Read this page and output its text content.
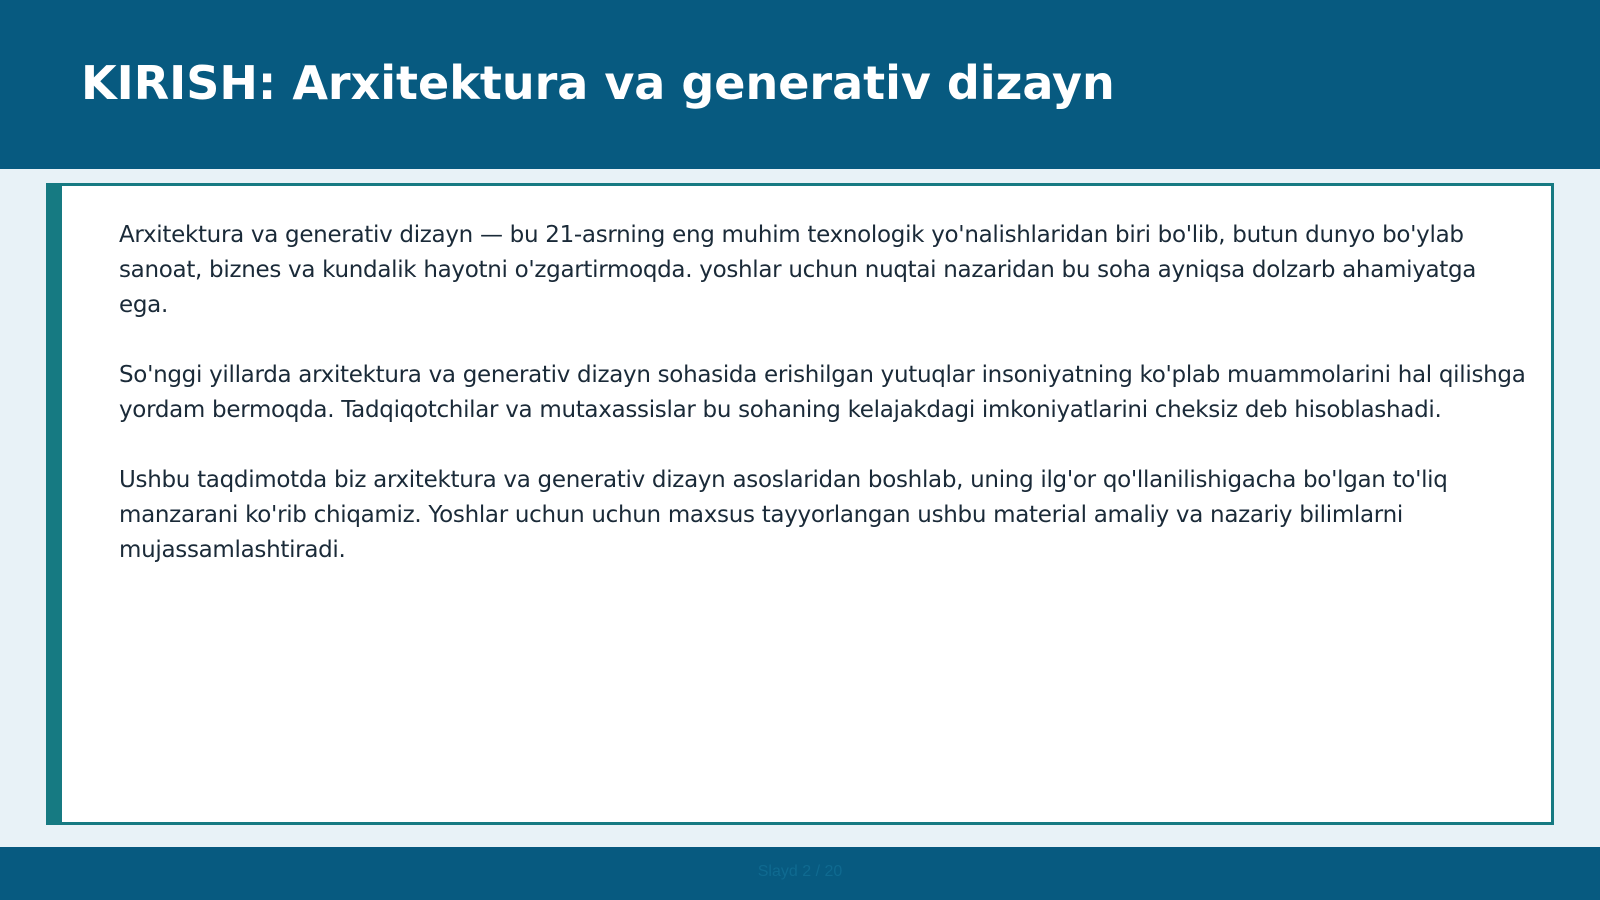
KIRISH: Arxitektura va generativ dizayn

Arxitektura va generativ dizayn — bu 21-asrning eng muhim texnologik yo'nalishlaridan biri bo'lib, butun dunyo bo'ylab sanoat, biznes va kundalik hayotni o'zgartirmoqda. yoshlar uchun nuqtai nazaridan bu soha ayniqsa dolzarb ahamiyatga ega.

So'nggi yillarda arxitektura va generativ dizayn sohasida erishilgan yutuqlar insoniyatning ko'plab muammolarini hal qilishga yordam bermoqda. Tadqiqotchilar va mutaxassislar bu sohaning kelajakdagi imkoniyatlarini cheksiz deb hisoblashadi.

Ushbu taqdimotda biz arxitektura va generativ dizayn asoslaridan boshlab, uning ilg'or qo'llanilishigacha bo'lgan to'liq manzarani ko'rib chiqamiz. Yoshlar uchun uchun maxsus tayyorlangan ushbu material amaliy va nazariy bilimlarni mujassamlashtiradi.

Slayd 2 / 20
